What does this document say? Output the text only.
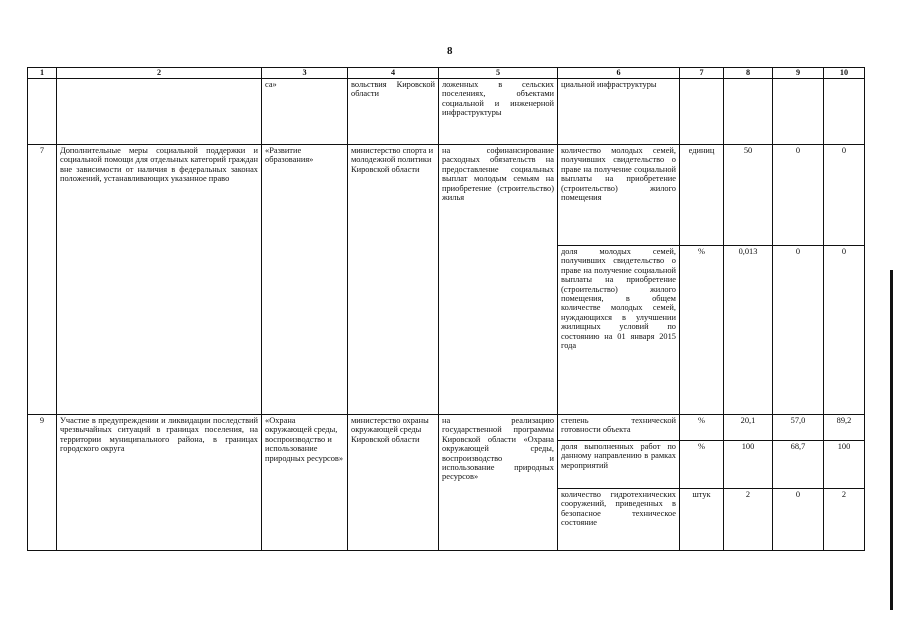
8
1	2	3	4	5	6	7	8	9	10
		са»	вольствия Кировской области	ложенных в сельских поселениях, объектами социальной и инженерной инфраструктуры	циальной инфраструктуры				
7	Дополнительные меры социальной поддержки и социальной помощи для отдельных категорий граждан вне зависимости от наличия в федеральных законах положений, устанавливающих указанное право	«Развитие образования»	министерство спорта и молодежной политики Кировской области	на софинансирование расходных обязательств на предоставление социальных выплат молодым семьям на приобретение (строительство) жилья	количество молодых семей, получивших свидетельство о праве на получение социальной выплаты на приобретение (строительство) жилого помещения	единиц	50	0	0
					доля молодых семей, получивших свидетельство о праве на получение социальной выплаты на приобретение (строительство) жилого помещения, в общем количестве молодых семей, нуждающихся в улучшении жилищных условий по состоянию на 01 января 2015 года	%	0,013	0	0
9	Участие в предупреждении и ликвидации последствий чрезвычайных ситуаций в границах поселения, на территории муниципального района, в границах городского округа	«Охрана окружающей среды, воспроизводство и использование природных ресурсов»	министерство охраны окружающей среды Кировской области	на реализацию государственной программы Кировской области «Охрана окружающей среды, воспроизводство и использование природных ресурсов»	степень технической готовности объекта	%	20,1	57,0	89,2
					доля выполненных работ по данному направлению в рамках мероприятий	%	100	68,7	100
					количество гидротехнических сооружений, приведенных в безопасное техническое состояние	штук	2	0	2
